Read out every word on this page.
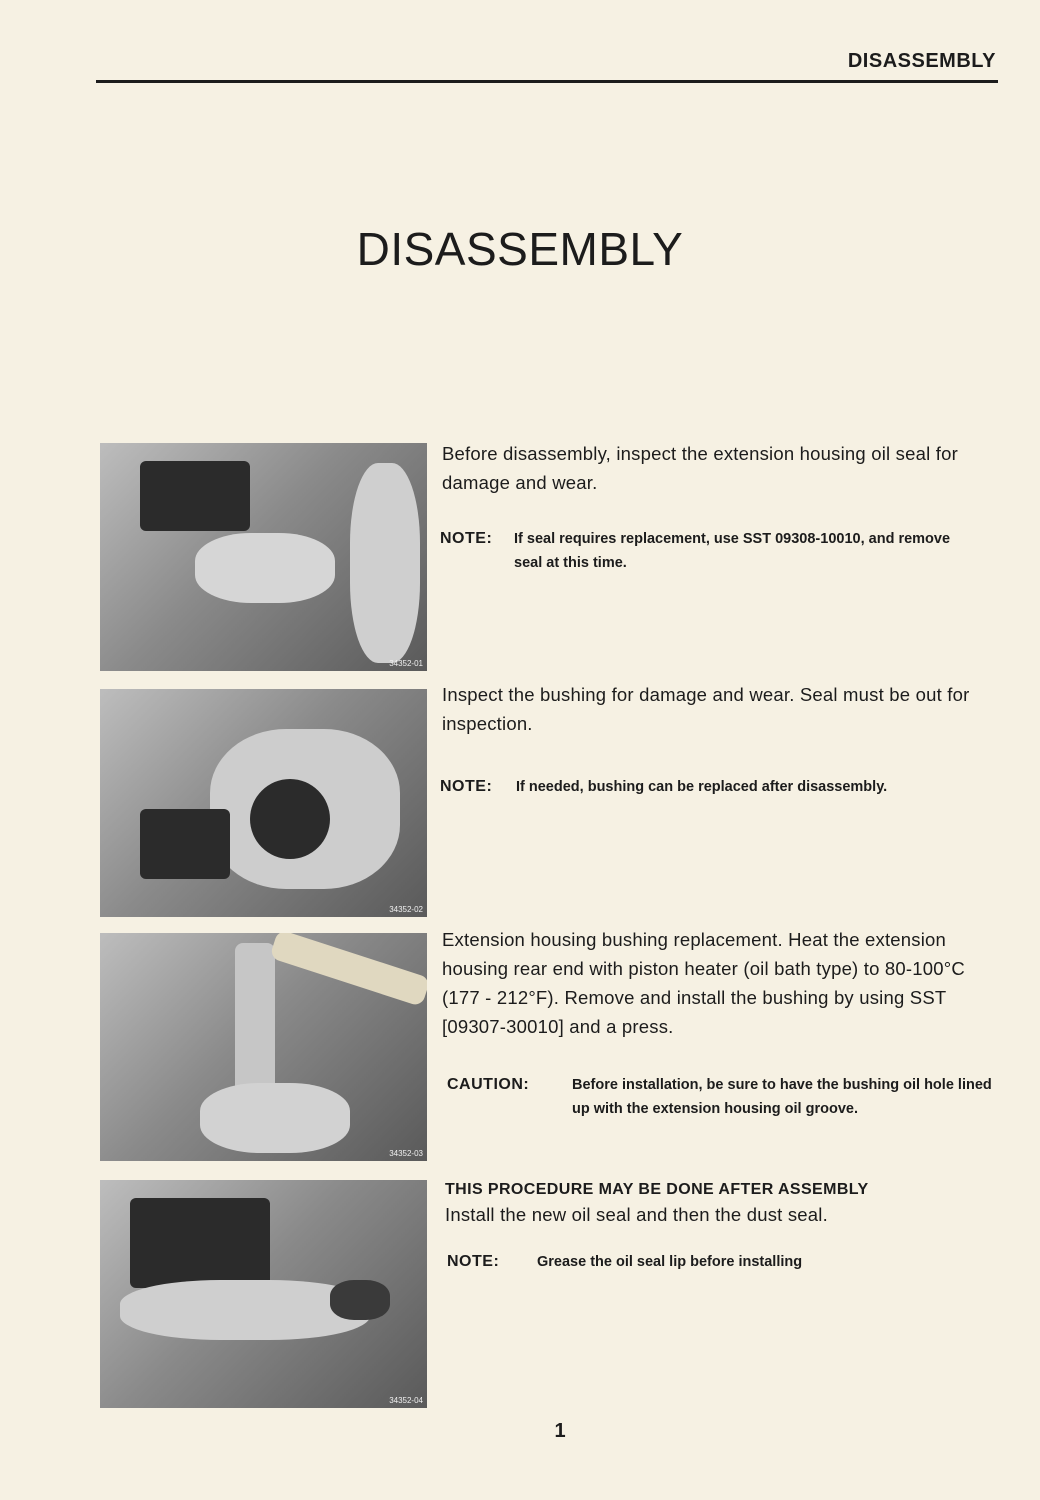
DISASSEMBLY
DISASSEMBLY
34352-01
Before disassembly, inspect the extension housing oil seal for damage and wear.
NOTE: If seal requires replacement, use SST 09308-10010, and remove seal at this time.
34352-02
Inspect the bushing for damage and wear. Seal must be out for inspection.
NOTE: If needed, bushing can be replaced after disassembly.
34352-03
Extension housing bushing replacement. Heat the extension housing rear end with piston heater (oil bath type) to 80-100°C (177 - 212°F). Remove and install the bushing by using SST [09307-30010] and a press.
CAUTION:	Before installation, be sure to have the bushing oil hole lined up with the extension housing oil groove.
34352-04
THIS PROCEDURE MAY BE DONE AFTER ASSEMBLY
Install the new oil seal and then the dust seal.
NOTE:	Grease the oil seal lip before installing
1
